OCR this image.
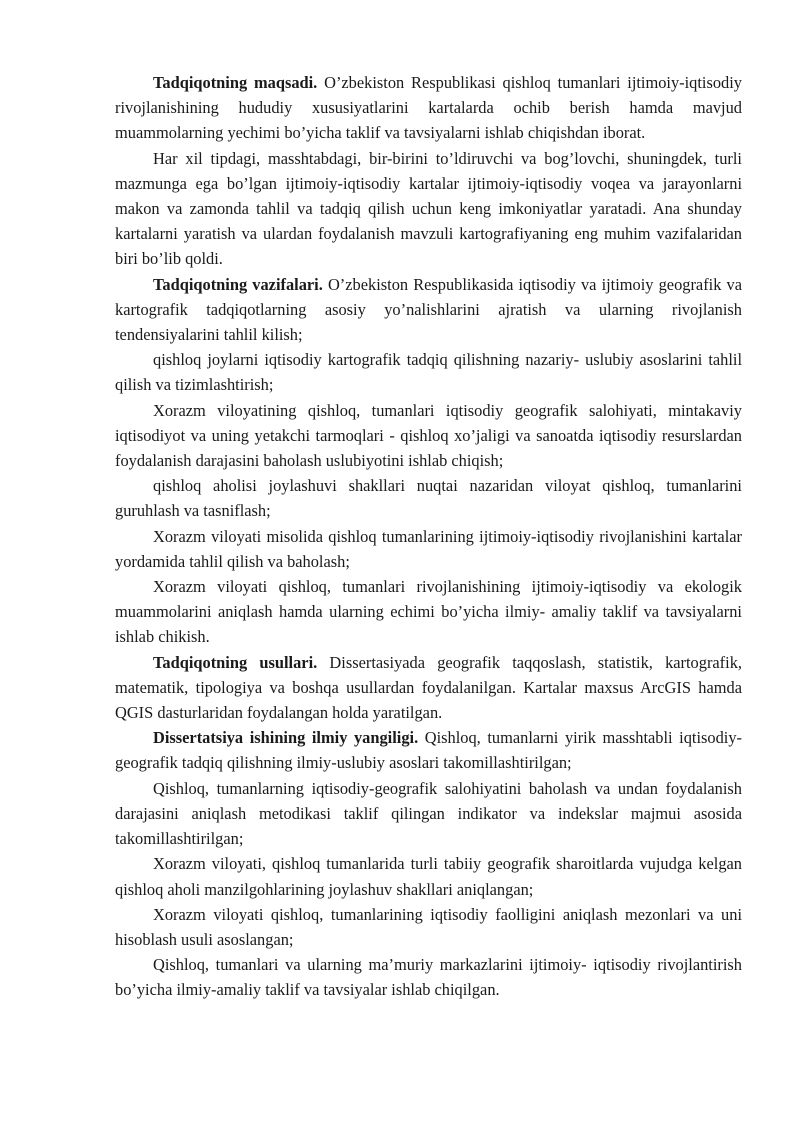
Tadqiqotning maqsadi. O’zbekiston Respublikasi qishloq tumanlari ijtimoiy-iqtisodiy rivojlanishining hududiy xususiyatlarini kartalarda ochib berish hamda mavjud muammolarning yechimi bo’yicha taklif va tavsiyalarni ishlab chiqishdan iborat.

Har xil tipdagi, masshtabdagi, bir-birini to’ldiruvchi va bog’lovchi, shuningdek, turli mazmunga ega bo’lgan ijtimoiy-iqtisodiy kartalar ijtimoiy-iqtisodiy voqea va jarayonlarni makon va zamonda tahlil va tadqiq qilish uchun keng imkoniyatlar yaratadi. Ana shunday kartalarni yaratish va ulardan foydalanish mavzuli kartografiyaning eng muhim vazifalaridan biri bo’lib qoldi.

Tadqiqotning vazifalari. O’zbekiston Respublikasida iqtisodiy va ijtimoiy geografik va kartografik tadqiqotlarning asosiy yo’nalishlarini ajratish va ularning rivojlanish tendensiyalarini tahlil kilish;

qishloq joylarni iqtisodiy kartografik tadqiq qilishning nazariy- uslubiy asoslarini tahlil qilish va tizimlashtirish;

Xorazm viloyatining qishloq, tumanlari iqtisodiy geografik salohiyati, mintakaviy iqtisodiyot va uning yetakchi tarmoqlari - qishloq xo’jaligi va sanoatda iqtisodiy resurslardan foydalanish darajasini baholash uslubiyotini ishlab chiqish;

qishloq aholisi joylashuvi shakllari nuqtai nazaridan viloyat qishloq, tumanlarini guruhlash va tasniflash;

Xorazm viloyati misolida qishloq tumanlarining ijtimoiy-iqtisodiy rivojlanishini kartalar yordamida tahlil qilish va baholash;

Xorazm viloyati qishloq, tumanlari rivojlanishining ijtimoiy-iqtisodiy va ekologik muammolarini aniqlash hamda ularning echimi bo’yicha ilmiy- amaliy taklif va tavsiyalarni ishlab chikish.

Tadqiqotning usullari. Dissertasiyada geografik taqqoslash, statistik, kartografik, matematik, tipologiya va boshqa usullardan foydalanilgan. Kartalar maxsus ArcGIS hamda QGIS dasturlaridan foydalangan holda yaratilgan.

Dissertatsiya ishining ilmiy yangiligi. Qishloq, tumanlarni yirik masshtabli iqtisodiy-geografik tadqiq qilishning ilmiy-uslubiy asoslari takomillashtirilgan;

Qishloq, tumanlarning iqtisodiy-geografik salohiyatini baholash va undan foydalanish darajasini aniqlash metodikasi taklif qilingan indikator va indekslar majmui asosida takomillashtirilgan;

Xorazm viloyati, qishloq tumanlarida turli tabiiy geografik sharoitlarda vujudga kelgan qishloq aholi manzilgohlarining joylashuv shakllari aniqlangan;

Xorazm viloyati qishloq, tumanlarining iqtisodiy faolligini aniqlash mezonlari va uni hisoblash usuli asoslangan;

Qishloq, tumanlari va ularning ma’muriy markazlarini ijtimoiy- iqtisodiy rivojlantirish bo’yicha ilmiy-amaliy taklif va tavsiyalar ishlab chiqilgan.
